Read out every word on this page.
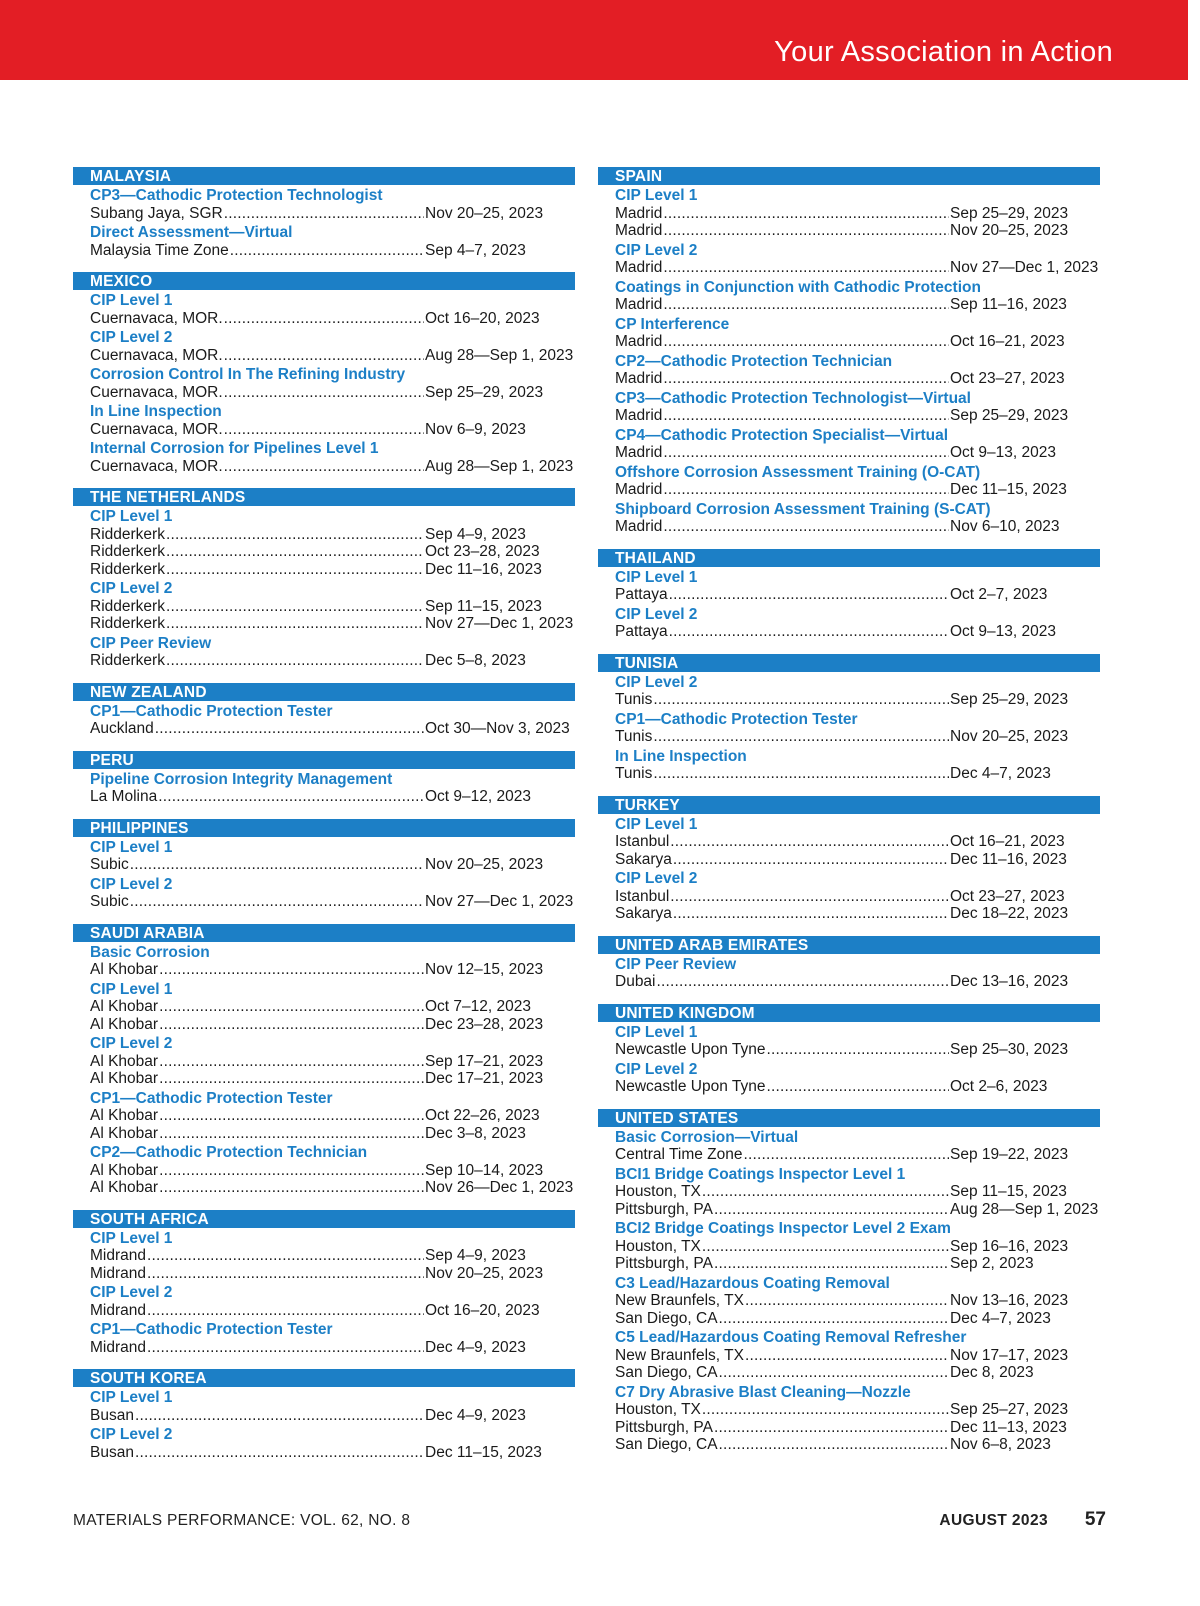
Your Association in Action
MALAYSIA
CP3—Cathodic Protection Technologist
Subang Jaya, SGR .....	Nov 20–25, 2023
Direct Assessment—Virtual
Malaysia Time Zone .....	Sep 4–7, 2023
MEXICO
CIP Level 1
Cuernavaca, MOR. .....	Oct 16–20, 2023
CIP Level 2
Cuernavaca, MOR. .....	Aug 28—Sep 1, 2023
Corrosion Control In The Refining Industry
Cuernavaca, MOR. .....	Sep 25–29, 2023
In Line Inspection
Cuernavaca, MOR. .....	Nov 6–9, 2023
Internal Corrosion for Pipelines Level 1
Cuernavaca, MOR. .....	Aug 28—Sep 1, 2023
THE NETHERLANDS
CIP Level 1
Ridderkerk .....	Sep 4–9, 2023
Ridderkerk .....	Oct 23–28, 2023
Ridderkerk .....	Dec 11–16, 2023
CIP Level 2
Ridderkerk .....	Sep 11–15, 2023
Ridderkerk .....	Nov 27—Dec 1, 2023
CIP Peer Review
Ridderkerk .....	Dec 5–8, 2023
NEW ZEALAND
CP1—Cathodic Protection Tester
Auckland .....	Oct 30—Nov 3, 2023
PERU
Pipeline Corrosion Integrity Management
La Molina .....	Oct 9–12, 2023
PHILIPPINES
CIP Level 1
Subic .....	Nov 20–25, 2023
CIP Level 2
Subic .....	Nov 27—Dec 1, 2023
SAUDI ARABIA
Basic Corrosion
Al Khobar .....	Nov 12–15, 2023
CIP Level 1
Al Khobar .....	Oct 7–12, 2023
Al Khobar .....	Dec 23–28, 2023
CIP Level 2
Al Khobar .....	Sep 17–21, 2023
Al Khobar .....	Dec 17–21, 2023
CP1—Cathodic Protection Tester
Al Khobar .....	Oct 22–26, 2023
Al Khobar .....	Dec 3–8, 2023
CP2—Cathodic Protection Technician
Al Khobar .....	Sep 10–14, 2023
Al Khobar .....	Nov 26—Dec 1, 2023
SOUTH AFRICA
CIP Level 1
Midrand .....	Sep 4–9, 2023
Midrand .....	Nov 20–25, 2023
CIP Level 2
Midrand .....	Oct 16–20, 2023
CP1—Cathodic Protection Tester
Midrand .....	Dec 4–9, 2023
SOUTH KOREA
CIP Level 1
Busan .....	Dec 4–9, 2023
CIP Level 2
Busan .....	Dec 11–15, 2023
SPAIN
CIP Level 1
Madrid .....	Sep 25–29, 2023
Madrid .....	Nov 20–25, 2023
CIP Level 2
Madrid .....	Nov 27—Dec 1, 2023
Coatings in Conjunction with Cathodic Protection
Madrid .....	Sep 11–16, 2023
CP Interference
Madrid .....	Oct 16–21, 2023
CP2—Cathodic Protection Technician
Madrid .....	Oct 23–27, 2023
CP3—Cathodic Protection Technologist—Virtual
Madrid .....	Sep 25–29, 2023
CP4—Cathodic Protection Specialist—Virtual
Madrid .....	Oct 9–13, 2023
Offshore Corrosion Assessment Training (O-CAT)
Madrid .....	Dec 11–15, 2023
Shipboard Corrosion Assessment Training (S-CAT)
Madrid .....	Nov 6–10, 2023
THAILAND
CIP Level 1
Pattaya .....	Oct 2–7, 2023
CIP Level 2
Pattaya .....	Oct 9–13, 2023
TUNISIA
CIP Level 2
Tunis .....	Sep 25–29, 2023
CP1—Cathodic Protection Tester
Tunis .....	Nov 20–25, 2023
In Line Inspection
Tunis .....	Dec 4–7, 2023
TURKEY
CIP Level 1
Istanbul .....	Oct 16–21, 2023
Sakarya .....	Dec 11–16, 2023
CIP Level 2
Istanbul .....	Oct 23–27, 2023
Sakarya .....	Dec 18–22, 2023
UNITED ARAB EMIRATES
CIP Peer Review
Dubai .....	Dec 13–16, 2023
UNITED KINGDOM
CIP Level 1
Newcastle Upon Tyne .....	Sep 25–30, 2023
CIP Level 2
Newcastle Upon Tyne .....	Oct 2–6, 2023
UNITED STATES
Basic Corrosion—Virtual
Central Time Zone .....	Sep 19–22, 2023
BCI1 Bridge Coatings Inspector Level 1
Houston, TX .....	Sep 11–15, 2023
Pittsburgh, PA .....	Aug 28—Sep 1, 2023
BCI2 Bridge Coatings Inspector Level 2 Exam
Houston, TX .....	Sep 16–16, 2023
Pittsburgh, PA .....	Sep 2, 2023
C3 Lead/Hazardous Coating Removal
New Braunfels, TX .....	Nov 13–16, 2023
San Diego, CA .....	Dec 4–7, 2023
C5 Lead/Hazardous Coating Removal Refresher
New Braunfels, TX .....	Nov 17–17, 2023
San Diego, CA .....	Dec 8, 2023
C7 Dry Abrasive Blast Cleaning—Nozzle
Houston, TX .....	Sep 25–27, 2023
Pittsburgh, PA .....	Dec 11–13, 2023
San Diego, CA .....	Nov 6–8, 2023
MATERIALS PERFORMANCE: VOL. 62, NO. 8	AUGUST 2023 57
